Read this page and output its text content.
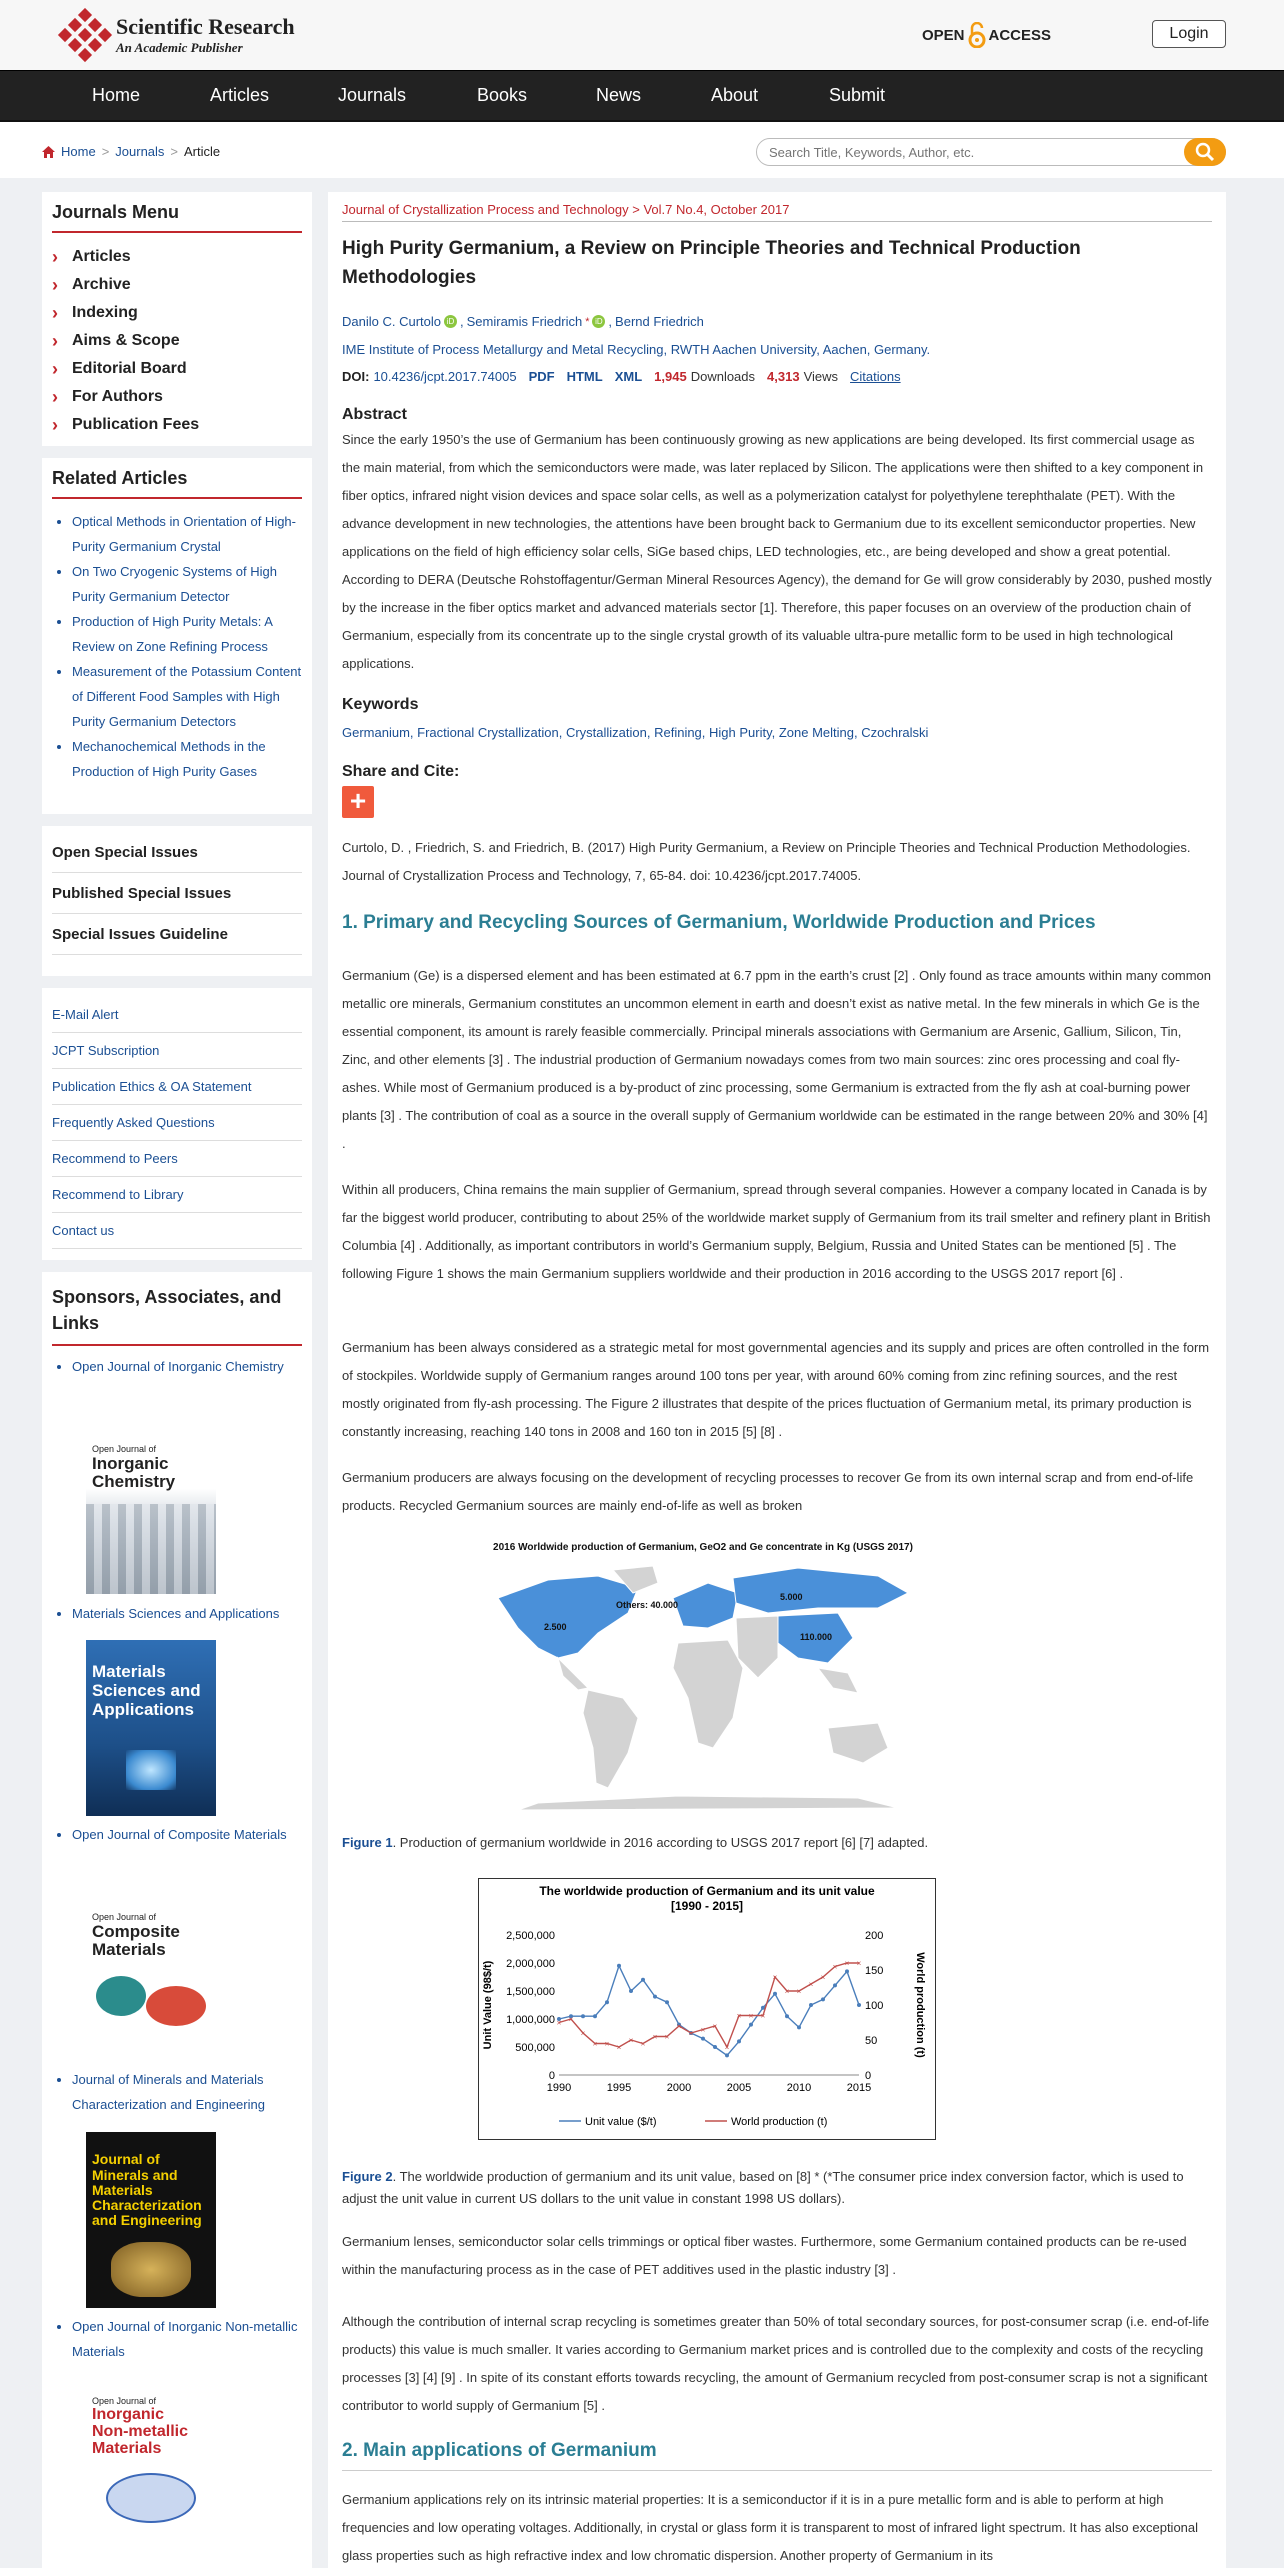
Scientific Research
An Academic Publisher
OPEN ACCESS	Login
Home	Articles	Journals	Books	News	About	Submit
Home > Journals > Article
Search Title, Keywords, Author, etc.
Journals Menu
› Articles
› Archive
› Indexing
› Aims & Scope
› Editorial Board
› For Authors
› Publication Fees
Related Articles
• Optical Methods in Orientation of High-Purity Germanium Crystal
• On Two Cryogenic Systems of High Purity Germanium Detector
• Production of High Purity Metals: A Review on Zone Refining Process
• Measurement of the Potassium Content of Different Food Samples with High Purity Germanium Detectors
• Mechanochemical Methods in the Production of High Purity Gases
Open Special Issues
Published Special Issues
Special Issues Guideline
E-Mail Alert
JCPT Subscription
Publication Ethics & OA Statement
Frequently Asked Questions
Recommend to Peers
Recommend to Library
Contact us
Sponsors, Associates, and Links
• Open Journal of Inorganic Chemistry
Open Journal of
Inorganic
Chemistry
• Materials Sciences and Applications
Materials
Sciences and
Applications
• Open Journal of Composite Materials
Open Journal of
Composite
Materials
• Journal of Minerals and Materials Characterization and Engineering
Journal of
Minerals and
Materials
Characterization
and Engineering
• Open Journal of Inorganic Non-metallic Materials
Open Journal of
Inorganic
Non-metallic
Materials
Journal of Crystallization Process and Technology > Vol.7 No.4, October 2017
High Purity Germanium, a Review on Principle Theories and Technical Production Methodologies
Danilo C. Curtolo iD , Semiramis Friedrich * iD , Bernd Friedrich
IME Institute of Process Metallurgy and Metal Recycling, RWTH Aachen University, Aachen, Germany.
DOI: 10.4236/jcpt.2017.74005 PDF HTML XML 1,945 Downloads 4,313 Views Citations
Abstract
Since the early 1950’s the use of Germanium has been continuously growing as new applications are being developed. Its first commercial usage as the main material, from which the semiconductors were made, was later replaced by Silicon. The applications were then shifted to a key component in fiber optics, infrared night vision devices and space solar cells, as well as a polymerization catalyst for polyethylene terephthalate (PET). With the advance development in new technologies, the attentions have been brought back to Germanium due to its excellent semiconductor properties. New applications on the field of high efficiency solar cells, SiGe based chips, LED technologies, etc., are being developed and show a great potential. According to DERA (Deutsche Rohstoffagentur/German Mineral Resources Agency), the demand for Ge will grow considerably by 2030, pushed mostly by the increase in the fiber optics market and advanced materials sector [1]. Therefore, this paper focuses on an overview of the production chain of Germanium, especially from its concentrate up to the single crystal growth of its valuable ultra-pure metallic form to be used in high technological applications.
Keywords
Germanium, Fractional Crystallization, Crystallization, Refining, High Purity, Zone Melting, Czochralski
Share and Cite:
+
Curtolo, D. , Friedrich, S. and Friedrich, B. (2017) High Purity Germanium, a Review on Principle Theories and Technical Production Methodologies. Journal of Crystallization Process and Technology, 7, 65-84. doi: 10.4236/jcpt.2017.74005.
1. Primary and Recycling Sources of Germanium, Worldwide Production and Prices
Germanium (Ge) is a dispersed element and has been estimated at 6.7 ppm in the earth’s crust [2] . Only found as trace amounts within many common metallic ore minerals, Germanium constitutes an uncommon element in earth and doesn’t exist as native metal. In the few minerals in which Ge is the essential component, its amount is rarely feasible commercially. Principal minerals associations with Germanium are Arsenic, Gallium, Silicon, Tin, Zinc, and other elements [3] . The industrial production of Germanium nowadays comes from two main sources: zinc ores processing and coal fly-ashes. While most of Germanium produced is a by-product of zinc processing, some Germanium is extracted from the fly ash at coal-burning power plants [3] . The contribution of coal as a source in the overall supply of Germanium worldwide can be estimated in the range between 20% and 30% [4] .
Within all producers, China remains the main supplier of Germanium, spread through several companies. However a company located in Canada is by far the biggest world producer, contributing to about 25% of the worldwide market supply of Germanium from its trail smelter and refinery plant in British Columbia [4] . Additionally, as important contributors in world’s Germanium supply, Belgium, Russia and United States can be mentioned [5] . The following Figure 1 shows the main Germanium suppliers worldwide and their production in 2016 according to the USGS 2017 report [6] .
Germanium has been always considered as a strategic metal for most governmental agencies and its supply and prices are often controlled in the form of stockpiles. Worldwide supply of Germanium ranges around 100 tons per year, with around 60% coming from zinc refining sources, and the rest mostly originated from fly-ash processing. The Figure 2 illustrates that despite of the prices fluctuation of Germanium metal, its primary production is constantly increasing, reaching 140 tons in 2008 and 160 ton in 2015 [5] [8] .
Germanium producers are always focusing on the development of recycling processes to recover Ge from its own internal scrap and from end-of-life products. Recycled Germanium sources are mainly end-of-life as well as broken
2016 Worldwide production of Germanium, GeO2 and Ge concentrate in Kg (USGS 2017)
Others: 40.000
2.500
5.000
110.000
Figure 1. Production of germanium worldwide in 2016 according to USGS 2017 report [6] [7] adapted.
The worldwide production of Germanium and its unit value
[1990 - 2015]
0
500,000
1,000,000
1,500,000
2,000,000
2,500,000
0
50
100
150
200
1990	1995	2000	2005	2010	2015
Unit Value (98$/t)	World production (t)
Unit value ($/t)
× ×
×
× × ×
× ×
× ×
×
× × ×
×
× × ×
×
× ×
×
×
× × ×
World production (t)
Figure 2. The worldwide production of germanium and its unit value, based on [8] * (*The consumer price index conversion factor, which is used to adjust the unit value in current US dollars to the unit value in constant 1998 US dollars).
Germanium lenses, semiconductor solar cells trimmings or optical fiber wastes. Furthermore, some Germanium contained products can be re-used within the manufacturing process as in the case of PET additives used in the plastic industry [3] .
Although the contribution of internal scrap recycling is sometimes greater than 50% of total secondary sources, for post-consumer scrap (i.e. end-of-life products) this value is much smaller. It varies according to Germanium market prices and is controlled due to the complexity and costs of the recycling processes [3] [4] [9] . In spite of its constant efforts towards recycling, the amount of Germanium recycled from post-consumer scrap is not a significant contributor to world supply of Germanium [5] .
2. Main applications of Germanium
Germanium applications rely on its intrinsic material properties: It is a semiconductor if it is in a pure metallic form and is able to perform at high frequencies and low operating voltages. Additionally, in crystal or glass form it is transparent to most of infrared light spectrum. It has also exceptional glass properties such as high refractive index and low chromatic dispersion. Another property of Germanium in its
